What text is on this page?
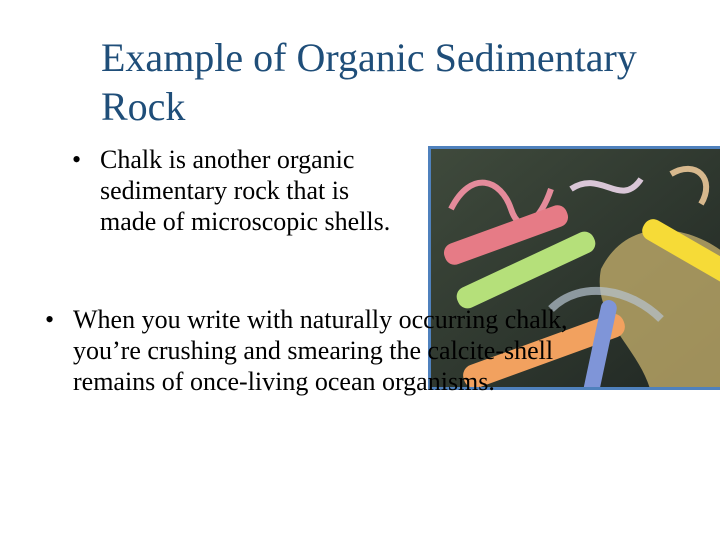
Example of Organic Sedimentary Rock
• Chalk is another organic sedimentary rock that is made of microscopic shells.
• When you write with naturally occurring chalk, you’re crushing and smearing the calcite-shell remains of once-living ocean organisms.
